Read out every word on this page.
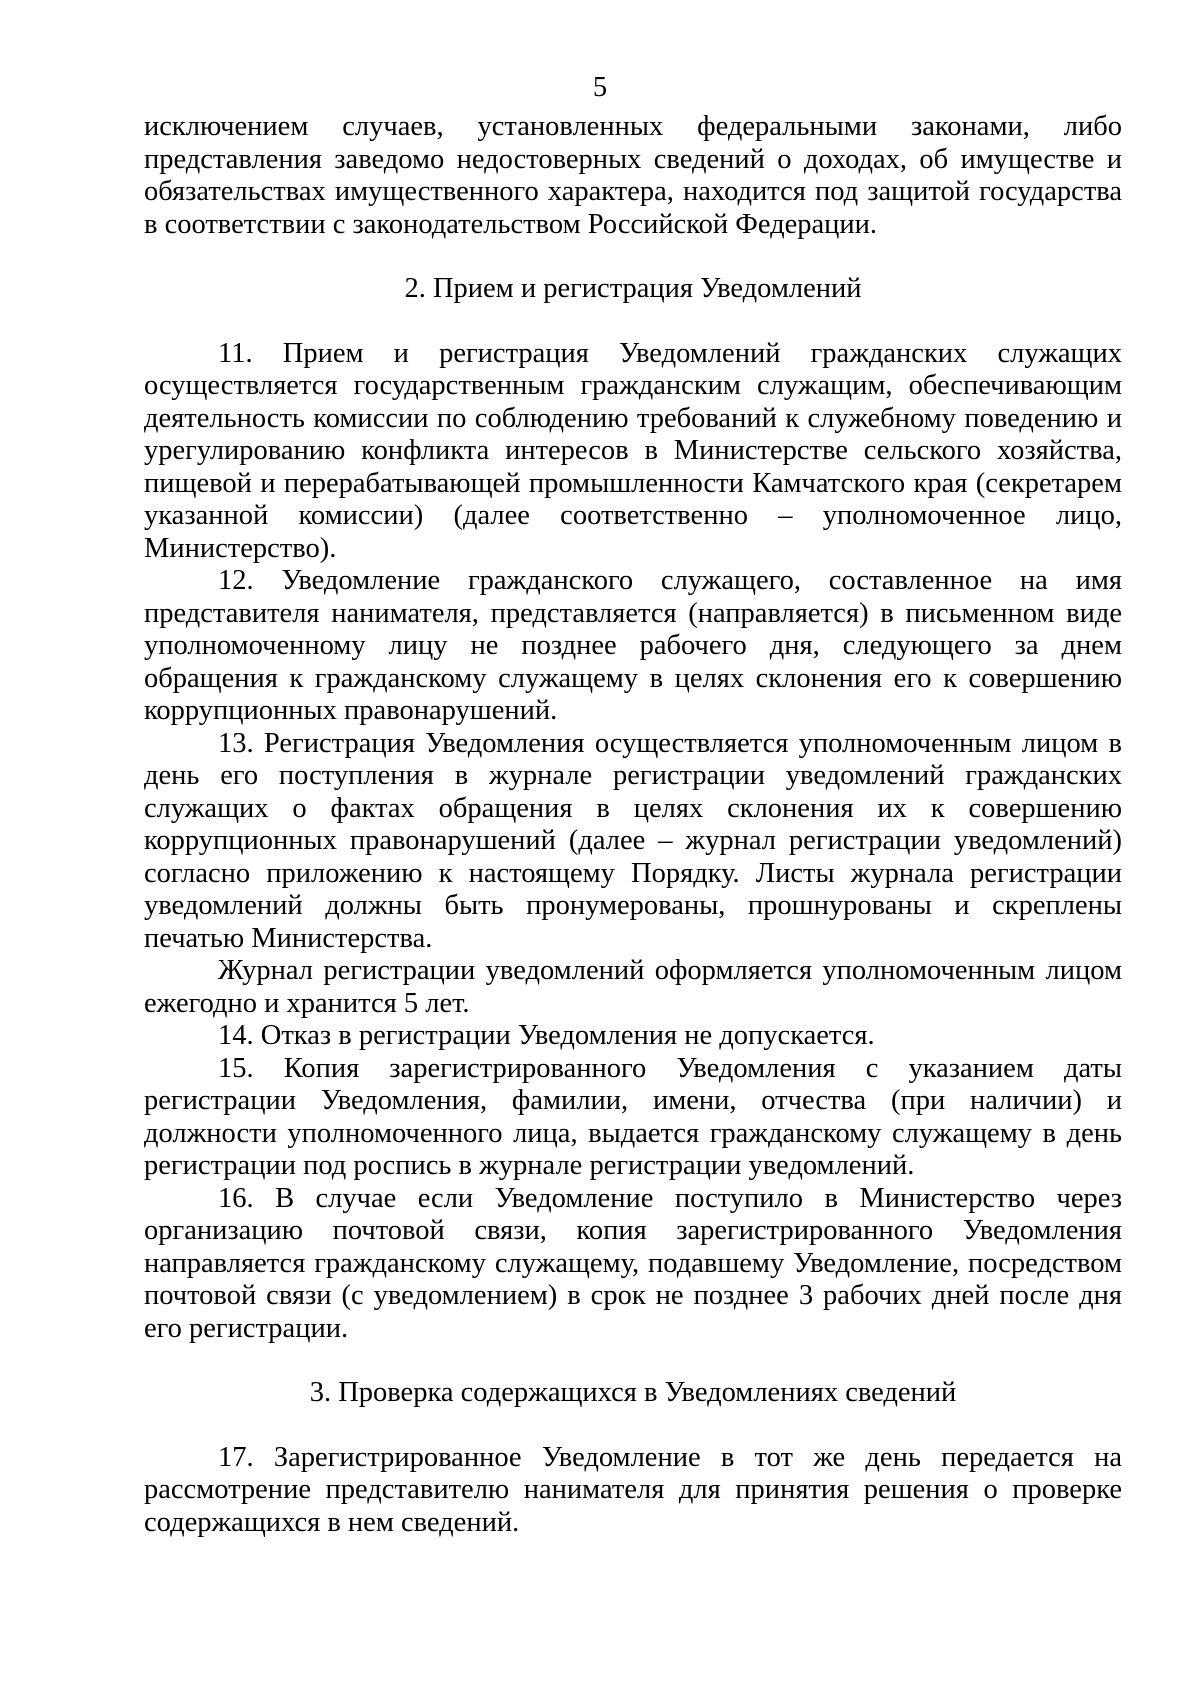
5

исключением случаев, установленных федеральными законами, либо представления заведомо недостоверных сведений о доходах, об имуществе и обязательствах имущественного характера, находится под защитой государства в соответствии с законодательством Российской Федерации.

2. Прием и регистрация Уведомлений

11. Прием и регистрация Уведомлений гражданских служащих осуществляется государственным гражданским служащим, обеспечивающим деятельность комиссии по соблюдению требований к служебному поведению и урегулированию конфликта интересов в Министерстве сельского хозяйства, пищевой и перерабатывающей промышленности Камчатского края (секретарем указанной комиссии) (далее соответственно – уполномоченное лицо, Министерство).

12. Уведомление гражданского служащего, составленное на имя представителя нанимателя, представляется (направляется) в письменном виде уполномоченному лицу не позднее рабочего дня, следующего за днем обращения к гражданскому служащему в целях склонения его к совершению коррупционных правонарушений.

13. Регистрация Уведомления осуществляется уполномоченным лицом в день его поступления в журнале регистрации уведомлений гражданских служащих о фактах обращения в целях склонения их к совершению коррупционных правонарушений (далее – журнал регистрации уведомлений) согласно приложению к настоящему Порядку. Листы журнала регистрации уведомлений должны быть пронумерованы, прошнурованы и скреплены печатью Министерства.

Журнал регистрации уведомлений оформляется уполномоченным лицом ежегодно и хранится 5 лет.

14. Отказ в регистрации Уведомления не допускается.

15. Копия зарегистрированного Уведомления с указанием даты регистрации Уведомления, фамилии, имени, отчества (при наличии) и должности уполномоченного лица, выдается гражданскому служащему в день регистрации под роспись в журнале регистрации уведомлений.

16. В случае если Уведомление поступило в Министерство через организацию почтовой связи, копия зарегистрированного Уведомления направляется гражданскому служащему, подавшему Уведомление, посредством почтовой связи (с уведомлением) в срок не позднее 3 рабочих дней после дня его регистрации.

3. Проверка содержащихся в Уведомлениях сведений

17. Зарегистрированное Уведомление в тот же день передается на рассмотрение представителю нанимателя для принятия решения о проверке содержащихся в нем сведений.
